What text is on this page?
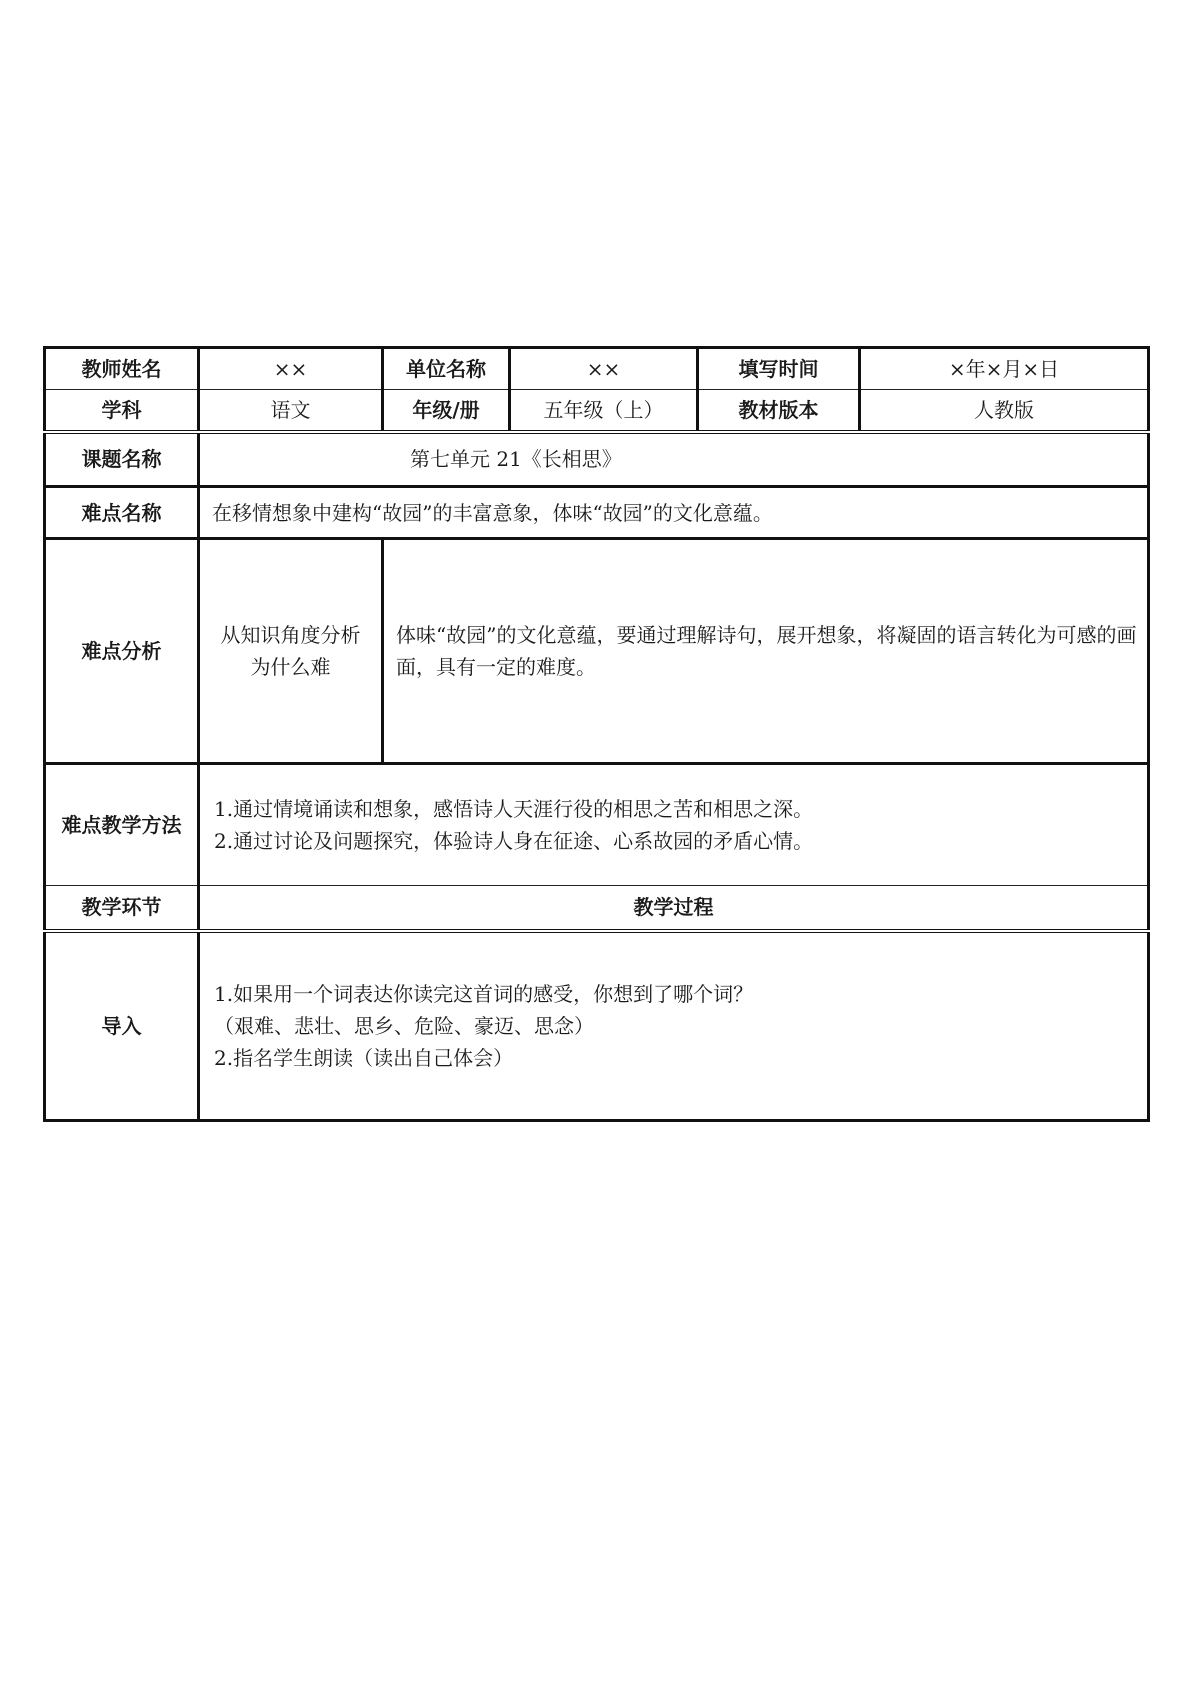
教师姓名	××	单位名称	××	填写时间	×年×月×日
学科	语文	年级/册	五年级（上）	教材版本	人教版
课题名称	第七单元 21《长相思》				
难点名称	在移情想象中建构“故园”的丰富意象，体味“故园”的文化意蕴。				
难点分析	从知识角度分析为什么难	体味“故园”的文化意蕴，要通过理解诗句，展开想象，将凝固的语言转化为可感的画面，具有一定的难度。			
难点教学方法	1.通过情境诵读和想象，感悟诗人天涯行役的相思之苦和相思之深。
2.通过讨论及问题探究，体验诗人身在征途、心系故园的矛盾心情。				

教学环节	教学过程				
导入	1.如果用一个词表达你读完这首词的感受，你想到了哪个词？
（艰难、悲壮、思乡、危险、豪迈、思念）
2.指名学生朗读（读出自己体会）				
